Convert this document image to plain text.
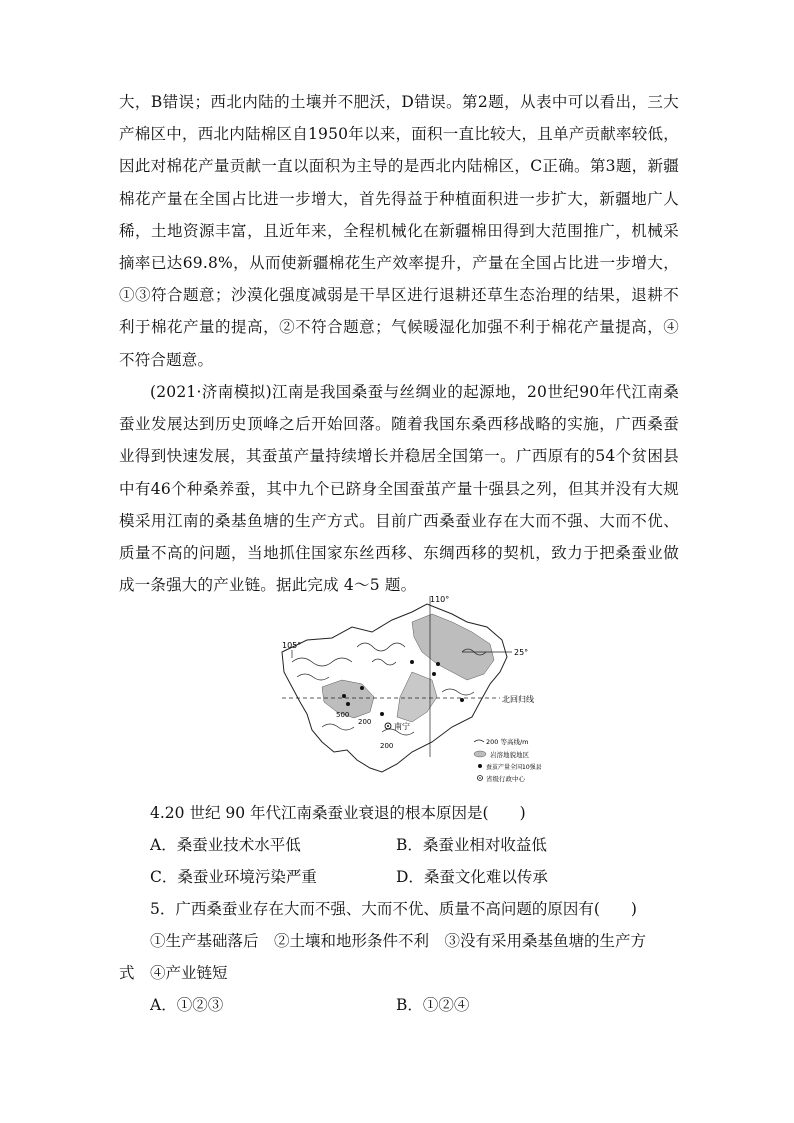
大，B错误；西北内陆的土壤并不肥沃，D错误。第2题，从表中可以看出，三大产棉区中，西北内陆棉区自1950年以来，面积一直比较大，且单产贡献率较低，因此对棉花产量贡献一直以面积为主导的是西北内陆棉区，C正确。第3题，新疆棉花产量在全国占比进一步增大，首先得益于种植面积进一步扩大，新疆地广人稀，土地资源丰富，且近年来，全程机械化在新疆棉田得到大范围推广，机械采摘率已达69.8%，从而使新疆棉花生产效率提升，产量在全国占比进一步增大，①③符合题意；沙漠化强度减弱是干旱区进行退耕还草生态治理的结果，退耕不利于棉花产量的提高，②不符合题意；气候暖湿化加强不利于棉花产量提高，④不符合题意。
(2021·济南模拟)江南是我国桑蚕与丝绸业的起源地，20世纪90年代江南桑蚕业发展达到历史顶峰之后开始回落。随着我国东桑西移战略的实施，广西桑蚕业得到快速发展，其蚕茧产量持续增长并稳居全国第一。广西原有的54个贫困县中有46个种桑养蚕，其中九个已跻身全国蚕茧产量十强县之列，但其并没有大规模采用江南的桑基鱼塘的生产方式。目前广西桑蚕业存在大而不强、大而不优、质量不高的问题，当地抓住国家东丝西移、东绸西移的契机，致力于把桑蚕业做成一条强大的产业链。据此完成 4～5 题。
110°
105°
25°
北回归线
500
200
200
南宁
200 等高线/m
岩溶地貌地区
蚕茧产量全国10强县
省级行政中心
4.20 世纪 90 年代江南桑蚕业衰退的根本原因是(　　)
A．桑蚕业技术水平低	B．桑蚕业相对收益低
C．桑蚕业环境污染严重	D．桑蚕文化难以传承
5．广西桑蚕业存在大而不强、大而不优、质量不高问题的原因有(　　)
①生产基础落后　②土壤和地形条件不利　③没有采用桑基鱼塘的生产方
式　④产业链短
A．①②③	B．①②④
